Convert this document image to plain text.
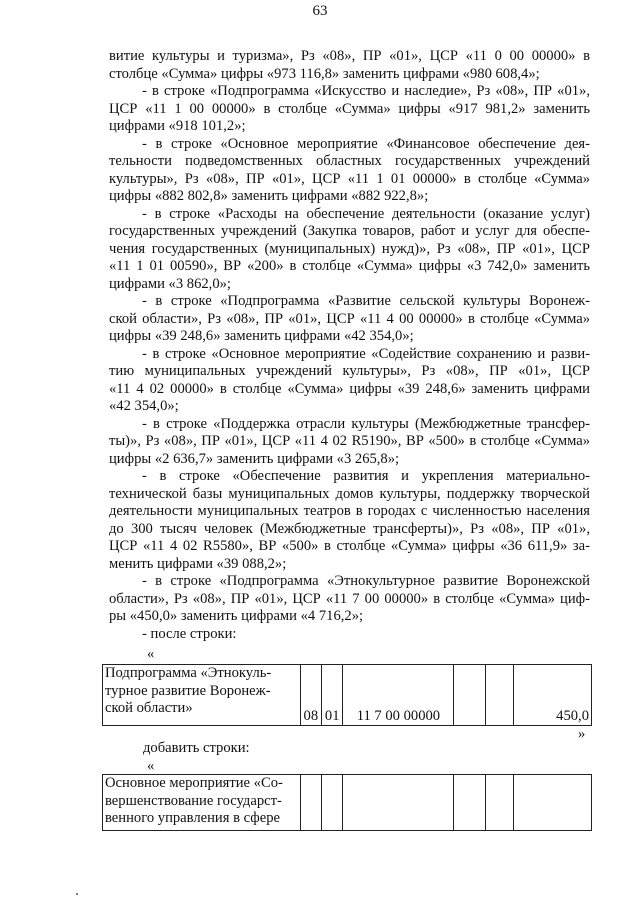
63
витие культуры и туризма», Рз «08», ПР «01», ЦСР «11 0 00 00000» в
столбце «Сумма» цифры «973 116,8» заменить цифрами «980 608,4»;
- в строке «Подпрограмма «Искусство и наследие», Рз «08», ПР «01»,
ЦСР «11 1 00 00000» в столбце «Сумма» цифры «917 981,2» заменить
цифрами «918 101,2»;
- в строке «Основное мероприятие «Финансовое обеспечение дея-
тельности подведомственных областных государственных учреждений
культуры», Рз «08», ПР «01», ЦСР «11 1 01 00000» в столбце «Сумма»
цифры «882 802,8» заменить цифрами «882 922,8»;
- в строке «Расходы на обеспечение деятельности (оказание услуг)
государственных учреждений (Закупка товаров, работ и услуг для обеспе-
чения государственных (муниципальных) нужд)», Рз «08», ПР «01», ЦСР
«11 1 01 00590», ВР «200» в столбце «Сумма» цифры «3 742,0» заменить
цифрами «3 862,0»;
- в строке «Подпрограмма «Развитие сельской культуры Воронеж-
ской области», Рз «08», ПР «01», ЦСР «11 4 00 00000» в столбце «Сумма»
цифры «39 248,6» заменить цифрами «42 354,0»;
- в строке «Основное мероприятие «Содействие сохранению и разви-
тию муниципальных учреждений культуры», Рз «08», ПР «01», ЦСР
«11 4 02 00000» в столбце «Сумма» цифры «39 248,6» заменить цифрами
«42 354,0»;
- в строке «Поддержка отрасли культуры (Межбюджетные трансфер-
ты)», Рз «08», ПР «01», ЦСР «11 4 02 R5190», ВР «500» в столбце «Сумма»
цифры «2 636,7» заменить цифрами «3 265,8»;
- в строке «Обеспечение развития и укрепления материально-
технической базы муниципальных домов культуры, поддержку творческой
деятельности муниципальных театров в городах с численностью населения
до 300 тысяч человек (Межбюджетные трансферты)», Рз «08», ПР «01»,
ЦСР «11 4 02 R5580», ВР «500» в столбце «Сумма» цифры «36 611,9» за-
менить цифрами «39 088,2»;
- в строке «Подпрограмма «Этнокультурное развитие Воронежской
области», Рз «08», ПР «01», ЦСР «11 7 00 00000» в столбце «Сумма» циф-
ры «450,0» заменить цифрами «4 716,2»;
- после строки:
«
Подпрограмма «Этнокуль-
турное развитие Воронеж-
ской области»	08	01	11 7 00 00000			450,0
»
добавить строки:
«
Основное мероприятие «Со-
вершенствование государст-
венного управления в сфере
